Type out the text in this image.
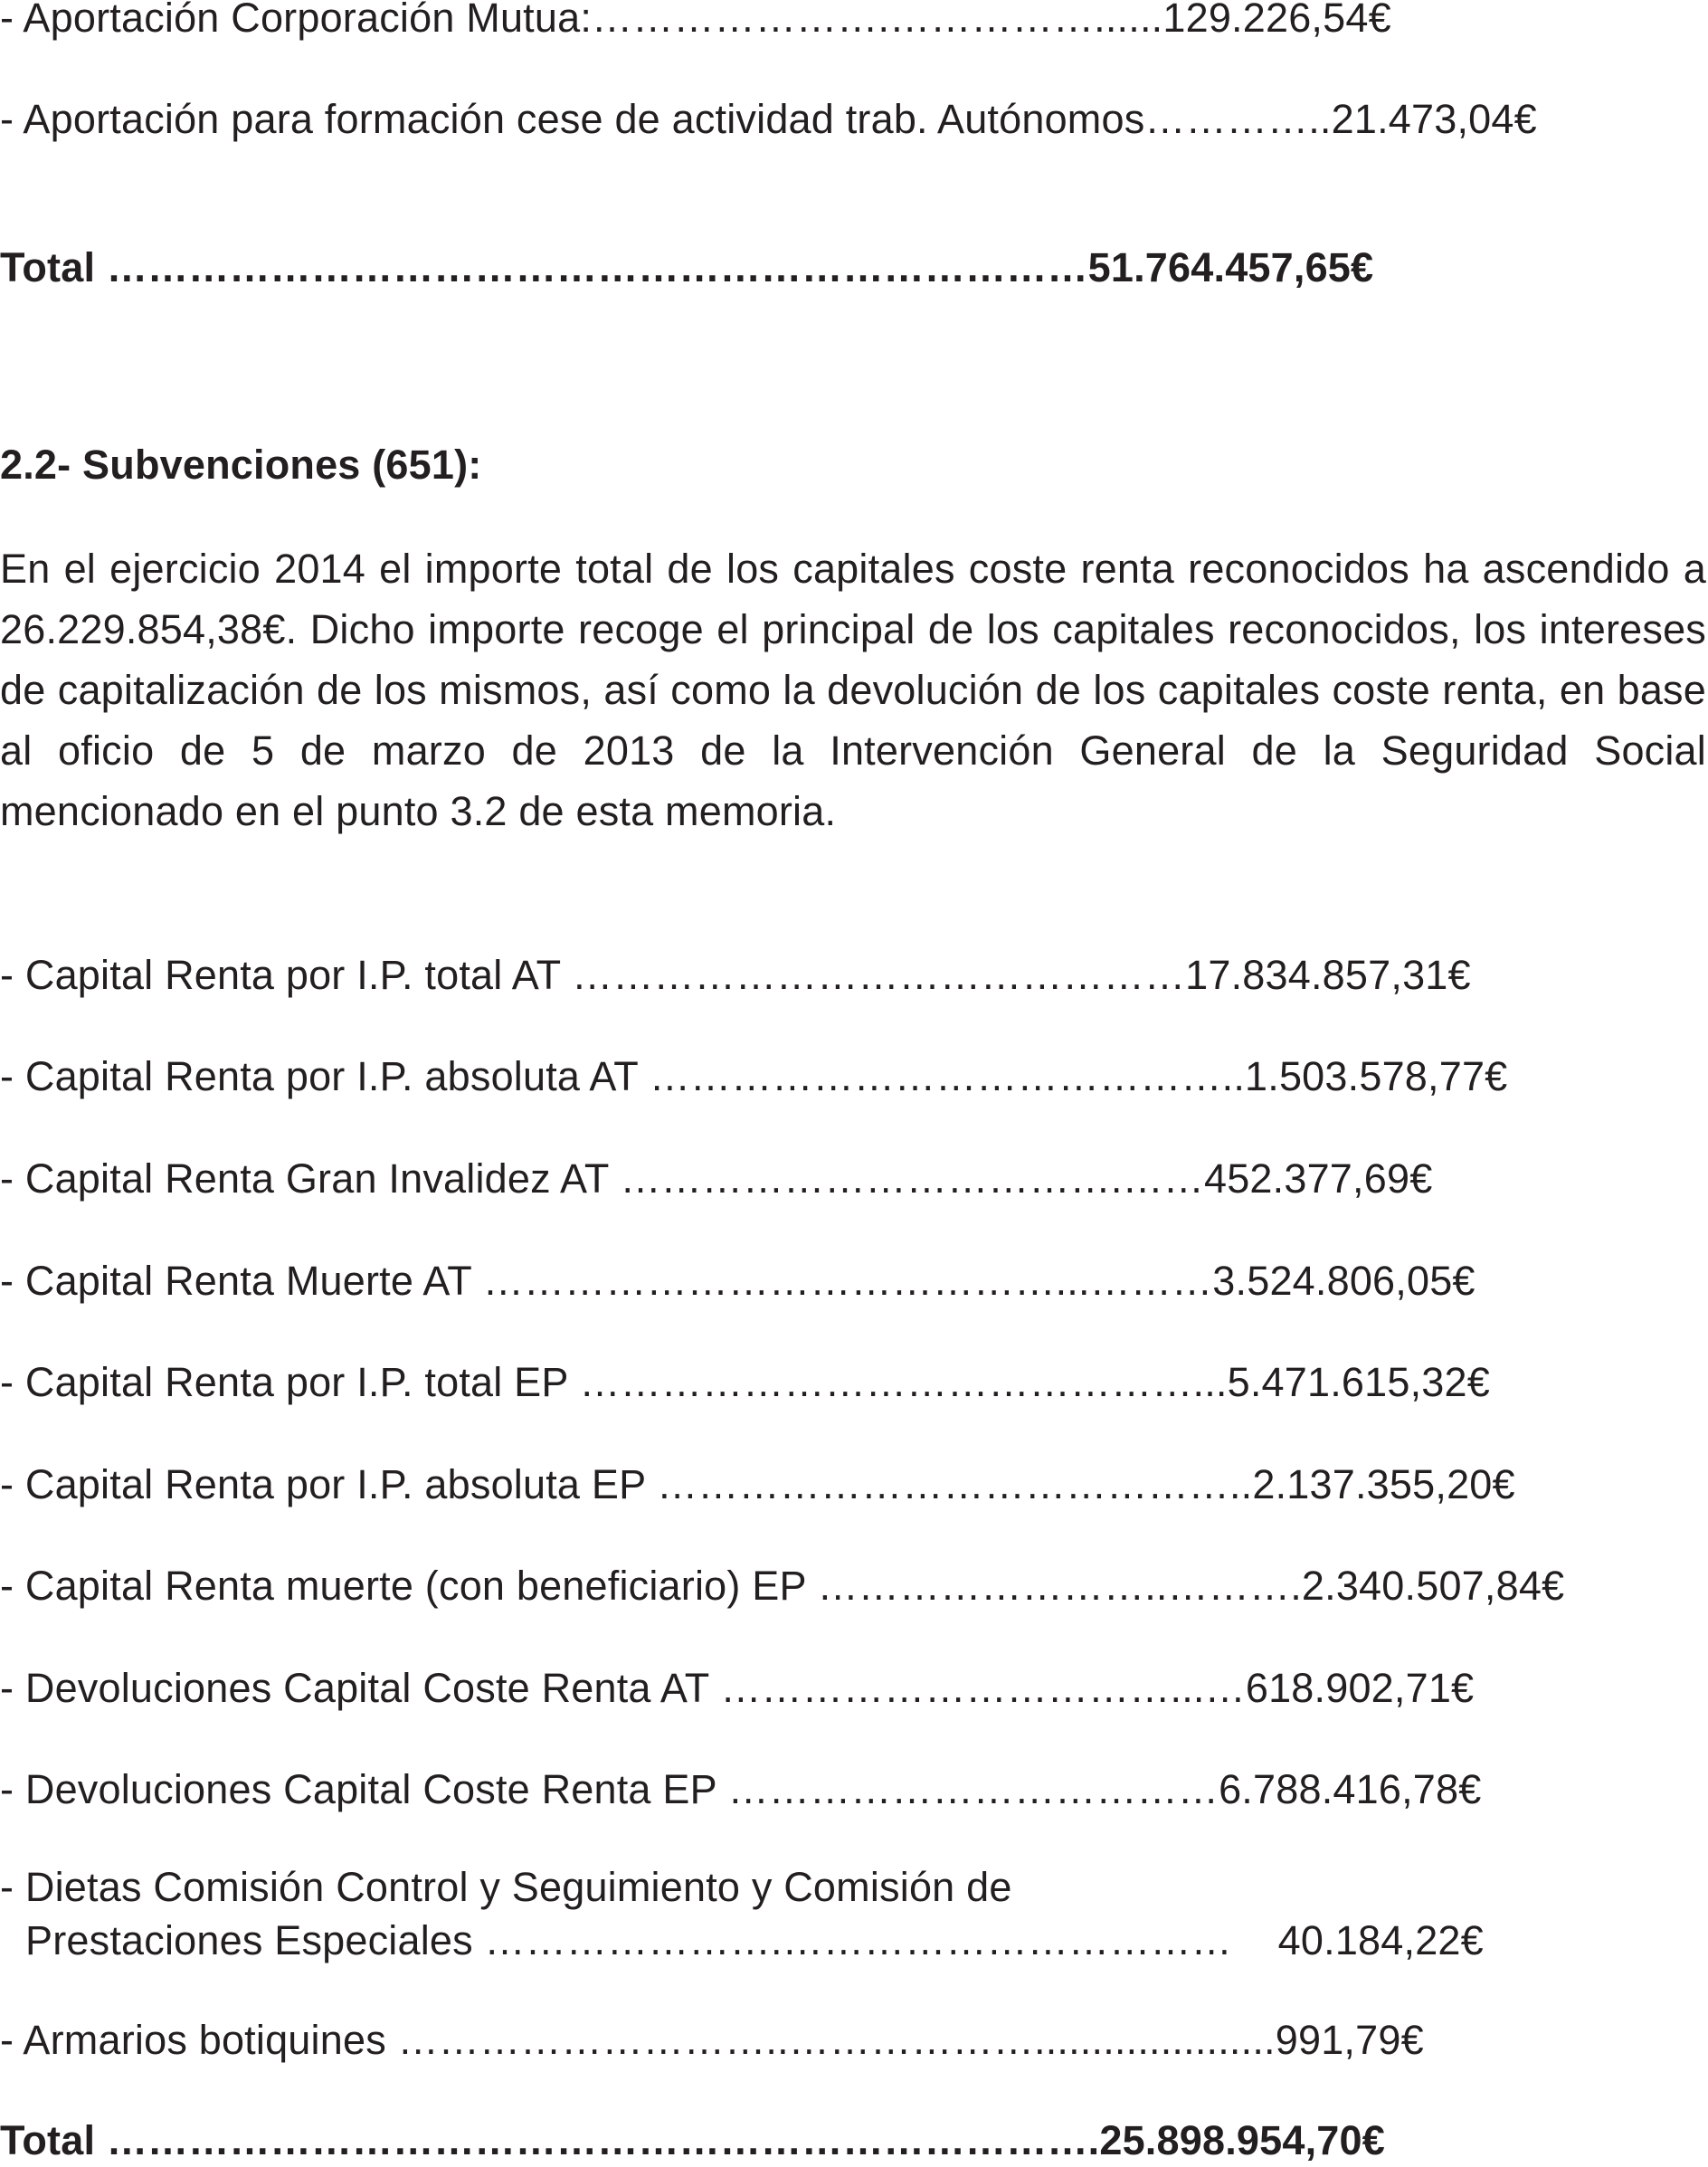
- Aportación Corporación Mutua:………………….……………......129.226,54€
- Aportación para formación cese de actividad trab. Autónomos…………..21.473,04€
Total ………………………………………………………………51.764.457,65€
2.2- Subvenciones (651):
En el ejercicio 2014 el importe total de los capitales coste renta reconocidos ha ascendido a 26.229.854,38€. Dicho importe recoge el principal de los capitales reconocidos, los intereses de capitalización de los mismos, así como la devolución de los capitales coste renta, en base al oficio de 5 de marzo de 2013 de la Intervención General de la Seguridad Social mencionado en el punto 3.2 de esta memoria.
- Capital Renta por I.P. total AT ………………………………………17.834.857,31€
- Capital Renta por I.P. absoluta AT ……………………………………..1.503.578,77€
- Capital Renta Gran Invalidez AT ……………………………….……452.377,69€
- Capital Renta Muerte AT ……………………………………...………3.524.806,05€
- Capital Renta por I.P. total EP ………………………………………...5.471.615,32€
- Capital Renta por I.P. absoluta EP ……………………………………..2.137.355,20€
- Capital Renta muerte (con beneficiario) EP ……………………..……….2.340.507,84€
- Devoluciones Capital Coste Renta AT ……………………………...…618.902,71€
- Devoluciones Capital Coste Renta EP ………………………………6.788.416,78€
- Dietas Comisión Control y Seguimiento y Comisión de
Prestaciones Especiales ………………….……………………………    40.184,22€
- Armarios botiquines ………………………..……………….....................991,79€
Total ……………………………………………………………….25.898.954,70€
